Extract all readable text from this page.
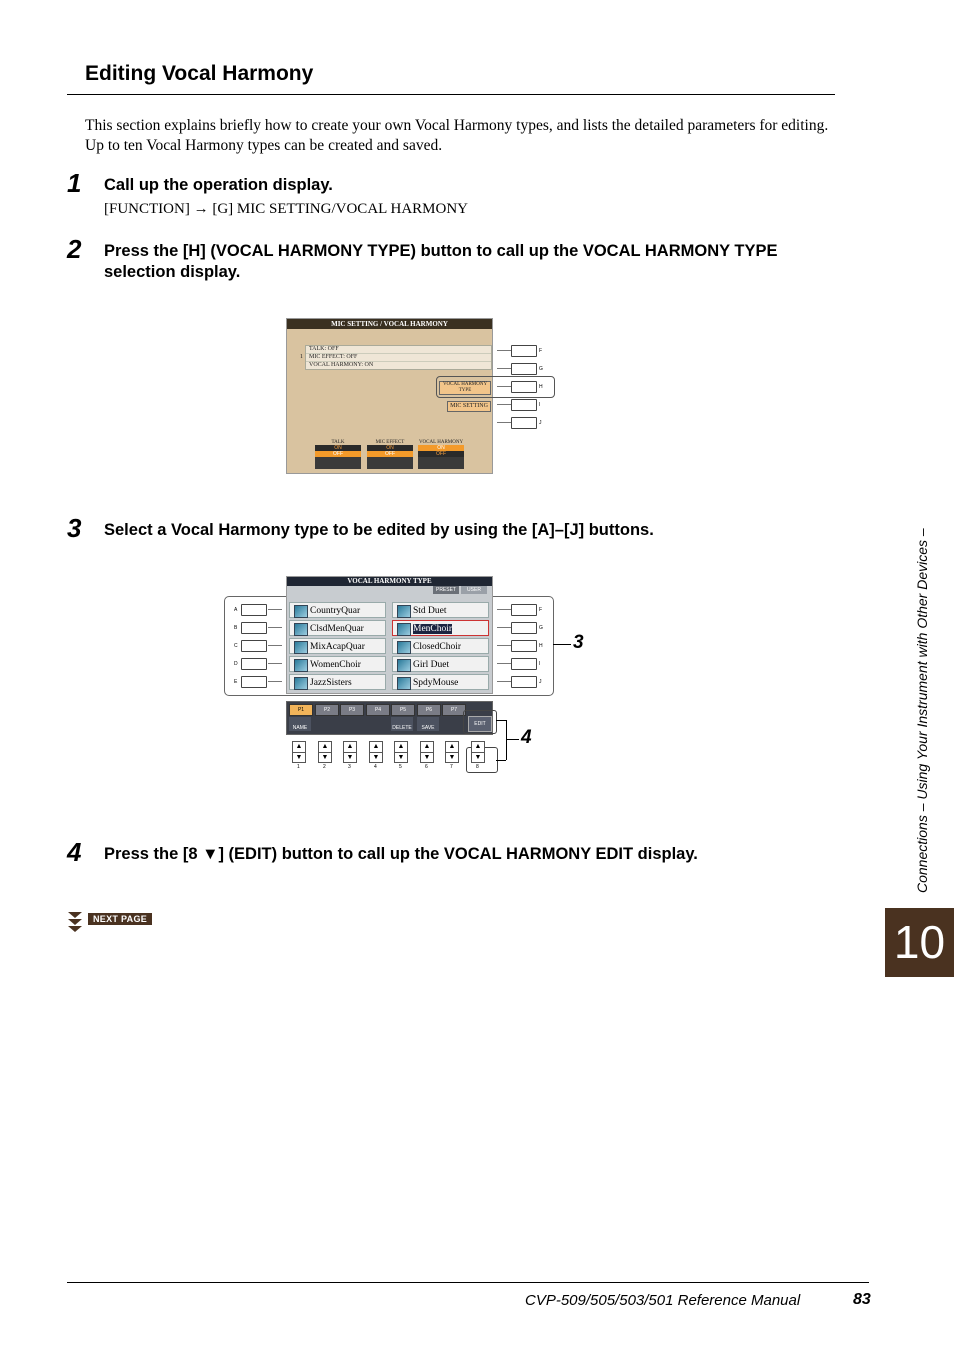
Editing Vocal Harmony

This section explains briefly how to create your own Vocal Harmony types, and lists the detailed parameters for editing. Up to ten Vocal Harmony types can be created and saved.

1 Call up the operation display.
[FUNCTION] → [G] MIC SETTING/VOCAL HARMONY
2 Press the [H] (VOCAL HARMONY TYPE) button to call up the VOCAL HARMONY TYPE selection display.
MIC SETTING / VOCAL HARMONY
1
TALK: OFF
MIC EFFECT: OFF
VOCAL HARMONY: ON
VOCAL HARMONY TYPE
MIC SETTING
TALK
ON
OFF
MIC EFFECT
ON
OFF
VOCAL HARMONY
ON
OFF
F
G
H
I
J
3 Select a Vocal Harmony type to be edited by using the [A]–[J] buttons.
VOCAL HARMONY TYPE
PRESET	USER
CountryQuar
ClsdMenQuar
MixAcapQuar
WomenChoir
JazzSisters
Std Duet
MenChoir
ClosedChoir
Girl Duet
SpdyMouse
A
B
C
D
E
F
G
H
I
J
3
P1	P2	P3	P4	P5	P6	P7
NAME	DELETE	SAVE
EDIT
4
▲
▼
1
▲
▼
2
▲
▼
3
▲
▼
4
▲
▼
5
▲
▼
6
▲
▼
7
▲
▼
8
4 Press the [8 ▼] (EDIT) button to call up the VOCAL HARMONY EDIT display.
NEXT PAGE
Connections – Using Your Instrument with Other Devices –
10
CVP-509/505/503/501 Reference Manual	83
